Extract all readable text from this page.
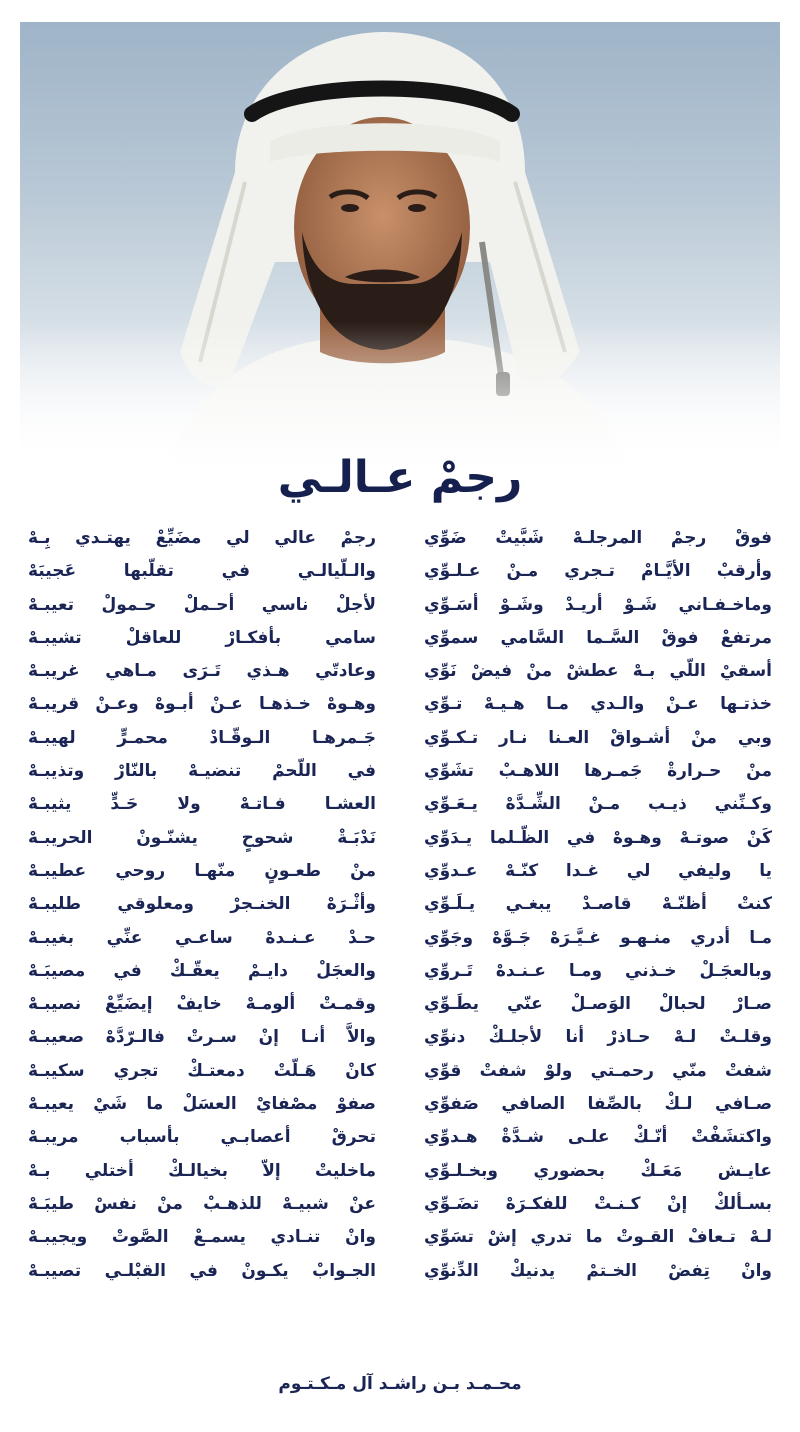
رجمْ عـالـي
فوقْ رجمْ المرجلـهْ شَبَّيتْ ضَوِّي
رجمْ عالي لي مضَيِّعْ يهتـدي بِـهْ
وأرقبْ الأيَّـامْ تـجري مـنْ عـلـوِّي
والـلّيالـي في تقلّبها عَجيبَهْ
وماخـفـاني شَـوْ أريـدْ وشَـوْ أسَـوِّي
لأجلْ ناسي أحـملْ حـمولْ تعيبـهْ
مرتفعْ فوقْ السَّـما السَّامي سموِّي
سامي بأفكـارْ للعاقلْ تشيبـهْ
أسقيْ اللّي بـهْ عطشْ منْ فيضْ نَوِّي
وعادتّي هـذي تَـرَى مـاهي غريبـهْ
خذتـها عـنْ والـدي مـا هـيـهْ تـوِّي
وهـوهْ خـذهـا عـنْ أبـوهْ وعـنْ قريبـهْ
وبي منْ أشـواقْ العـنا نـار تـكـوِّي
جَـمرهـا الـوقّـادْ محمـرٍّ لهيبـهْ
منْ حـرارةْ جَمـرها اللاهـبْ تشَوِّي
في اللّحمْ تنضيـهْ بالنّارْ وتذيبـهْ
وكـنِّني ذيـب مـنْ الشِّـدَّهْ يـعَـوِّي
العشـا فـاتـهْ ولا حَـدٍّ يثيبـهْ
كَنْ صوتـهْ وهـوهْ في الظّـلما يـدَوِّي
نَدْبَـةْ شحوحٍ يشنّـونْ الحريبـهْ
يا وليفي لي غـدا كنّـهْ عـدوِّي
منْ طعـونٍ منّهـا روحي عطيبـهْ
كنتْ أظنّـهْ قاصـدْ يبغـي يـلَـوِّي
وأثْـرَهْ الخنـجرْ ومعلوقي طليبـهْ
مـا أدري منـهـو غـيَّـرَهْ جَـوَّهْ وجَوِّي
حـدْ عـنـدهْ ساعـي عنِّي بغيبـهْ
وبالعجَـلْ خـذني ومـا عـنـدهْ تَـروِّي
والعجَلْ دايـمْ يعقّـكْ في مصيبَـهْ
صـارْ لحبالْ الوَصـلْ عنّي يطَـوِّي
وقمـتْ ألومـهْ خايفْ إيضَيِّعْ نصيبـهْ
وقلـتْ لـهْ حـاذرْ أنا لأجلـكْ دنوِّي
والاَّ أنـا إنْ سـرتْ فالـرّدَّهْ صعيبـهْ
شفتْ منّي رحمـتي ولوْ شفتْ قوِّي
كانْ هَـلّتْ دمعتـكْ تجري سكيبـهْ
صـافي لـكْ بالصِّفا الصافي صَفوِّي
صفوْ مصْفايْ العسَلْ ما شَيْ يعيبـهْ
واكتشَفْتْ أنّـكْ علـى شـدَّةْ هـدوِّي
تحرقْ أعصابـي بأسباب مريبـهْ
عايـش مَعَـكْ بحضوري وبخـلـوِّي
ماخليتْ إلاّ بخيالـكْ أختلي بـهْ
بسـألكْ إنْ كـنـتْ للفكـرَهْ تضَـوِّي
عنْ شبيـهْ للذهـبْ منْ نفسْ طيبَـهْ
لـهْ تـعافْ القـوتْ ما تدري إشْ تسَوِّي
وانْ تنـادي يسمـعْ الصَّوتْ ويجيبـهْ
وانْ تِفضْ الخـتمْ يدنيكْ الدِّنوِّي
الجـوابْ يكـونْ في القبْلـي تصيبـهْ
محـمـد بـن راشـد آل مـكـتـوم
